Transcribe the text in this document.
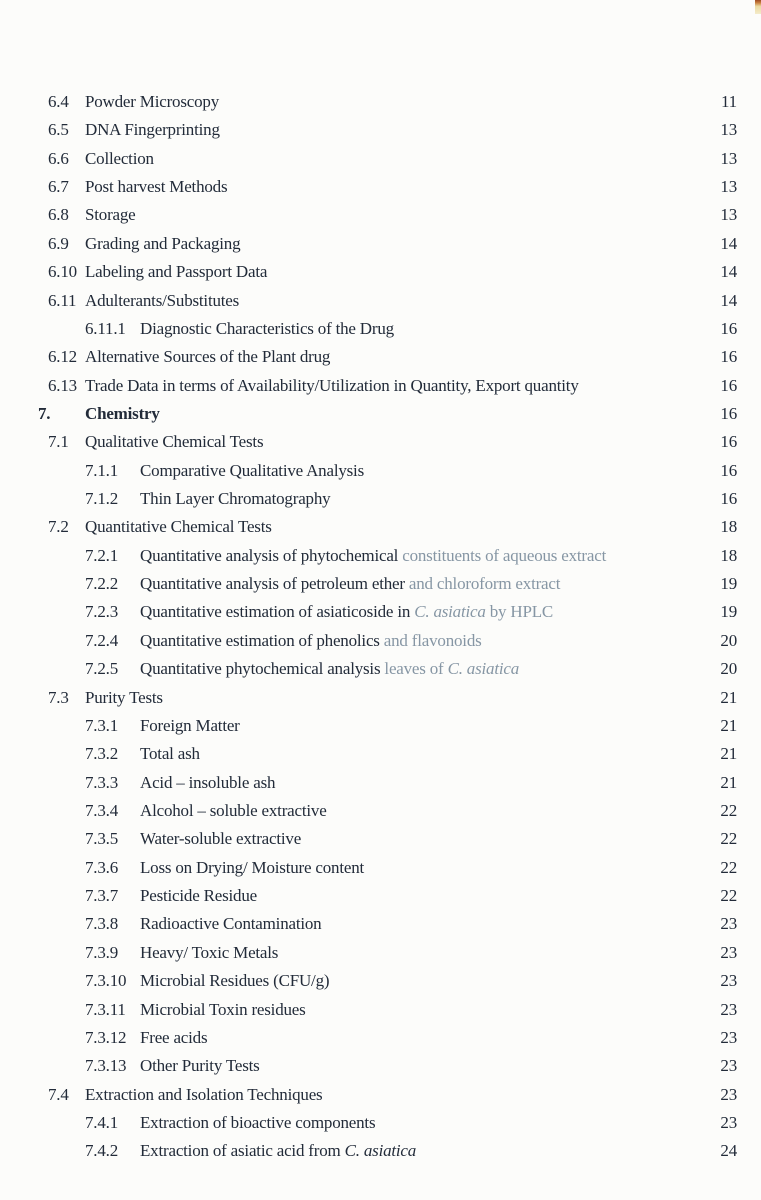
6.4 Powder Microscopy	11
6.5 DNA Fingerprinting	13
6.6 Collection	13
6.7 Post harvest Methods	13
6.8 Storage	13
6.9 Grading and Packaging	14
6.10 Labeling and Passport Data	14
6.11 Adulterants/Substitutes	14
6.11.1 Diagnostic Characteristics of the Drug	16
6.12 Alternative Sources of the Plant drug	16
6.13 Trade Data in terms of Availability/Utilization in Quantity, Export quantity	16
7.	Chemistry	16
7.1 Qualitative Chemical Tests	16
7.1.1	Comparative Qualitative Analysis	16
7.1.2	Thin Layer Chromatography	16
7.2 Quantitative Chemical Tests	18
7.2.1	Quantitative analysis of phytochemical constituents of aqueous extract	18
7.2.2	Quantitative analysis of petroleum ether and chloroform extract	19
7.2.3	Quantitative estimation of asiaticoside in C. asiatica by HPLC	19
7.2.4	Quantitative estimation of phenolics and flavonoids	20
7.2.5	Quantitative phytochemical analysis leaves of C. asiatica	20
7.3 Purity Tests	21
7.3.1	Foreign Matter	21
7.3.2	Total ash	21
7.3.3	Acid – insoluble ash	21
7.3.4	Alcohol – soluble extractive	22
7.3.5	Water-soluble extractive	22
7.3.6	Loss on Drying/ Moisture content	22
7.3.7	Pesticide Residue	22
7.3.8	Radioactive Contamination	23
7.3.9	Heavy/ Toxic Metals	23
7.3.10 Microbial Residues (CFU/g)	23
7.3.11 Microbial Toxin residues	23
7.3.12 Free acids	23
7.3.13 Other Purity Tests	23
7.4 Extraction and Isolation Techniques	23
7.4.1	Extraction of bioactive components	23
7.4.2	Extraction of asiatic acid from C. asiatica	24
